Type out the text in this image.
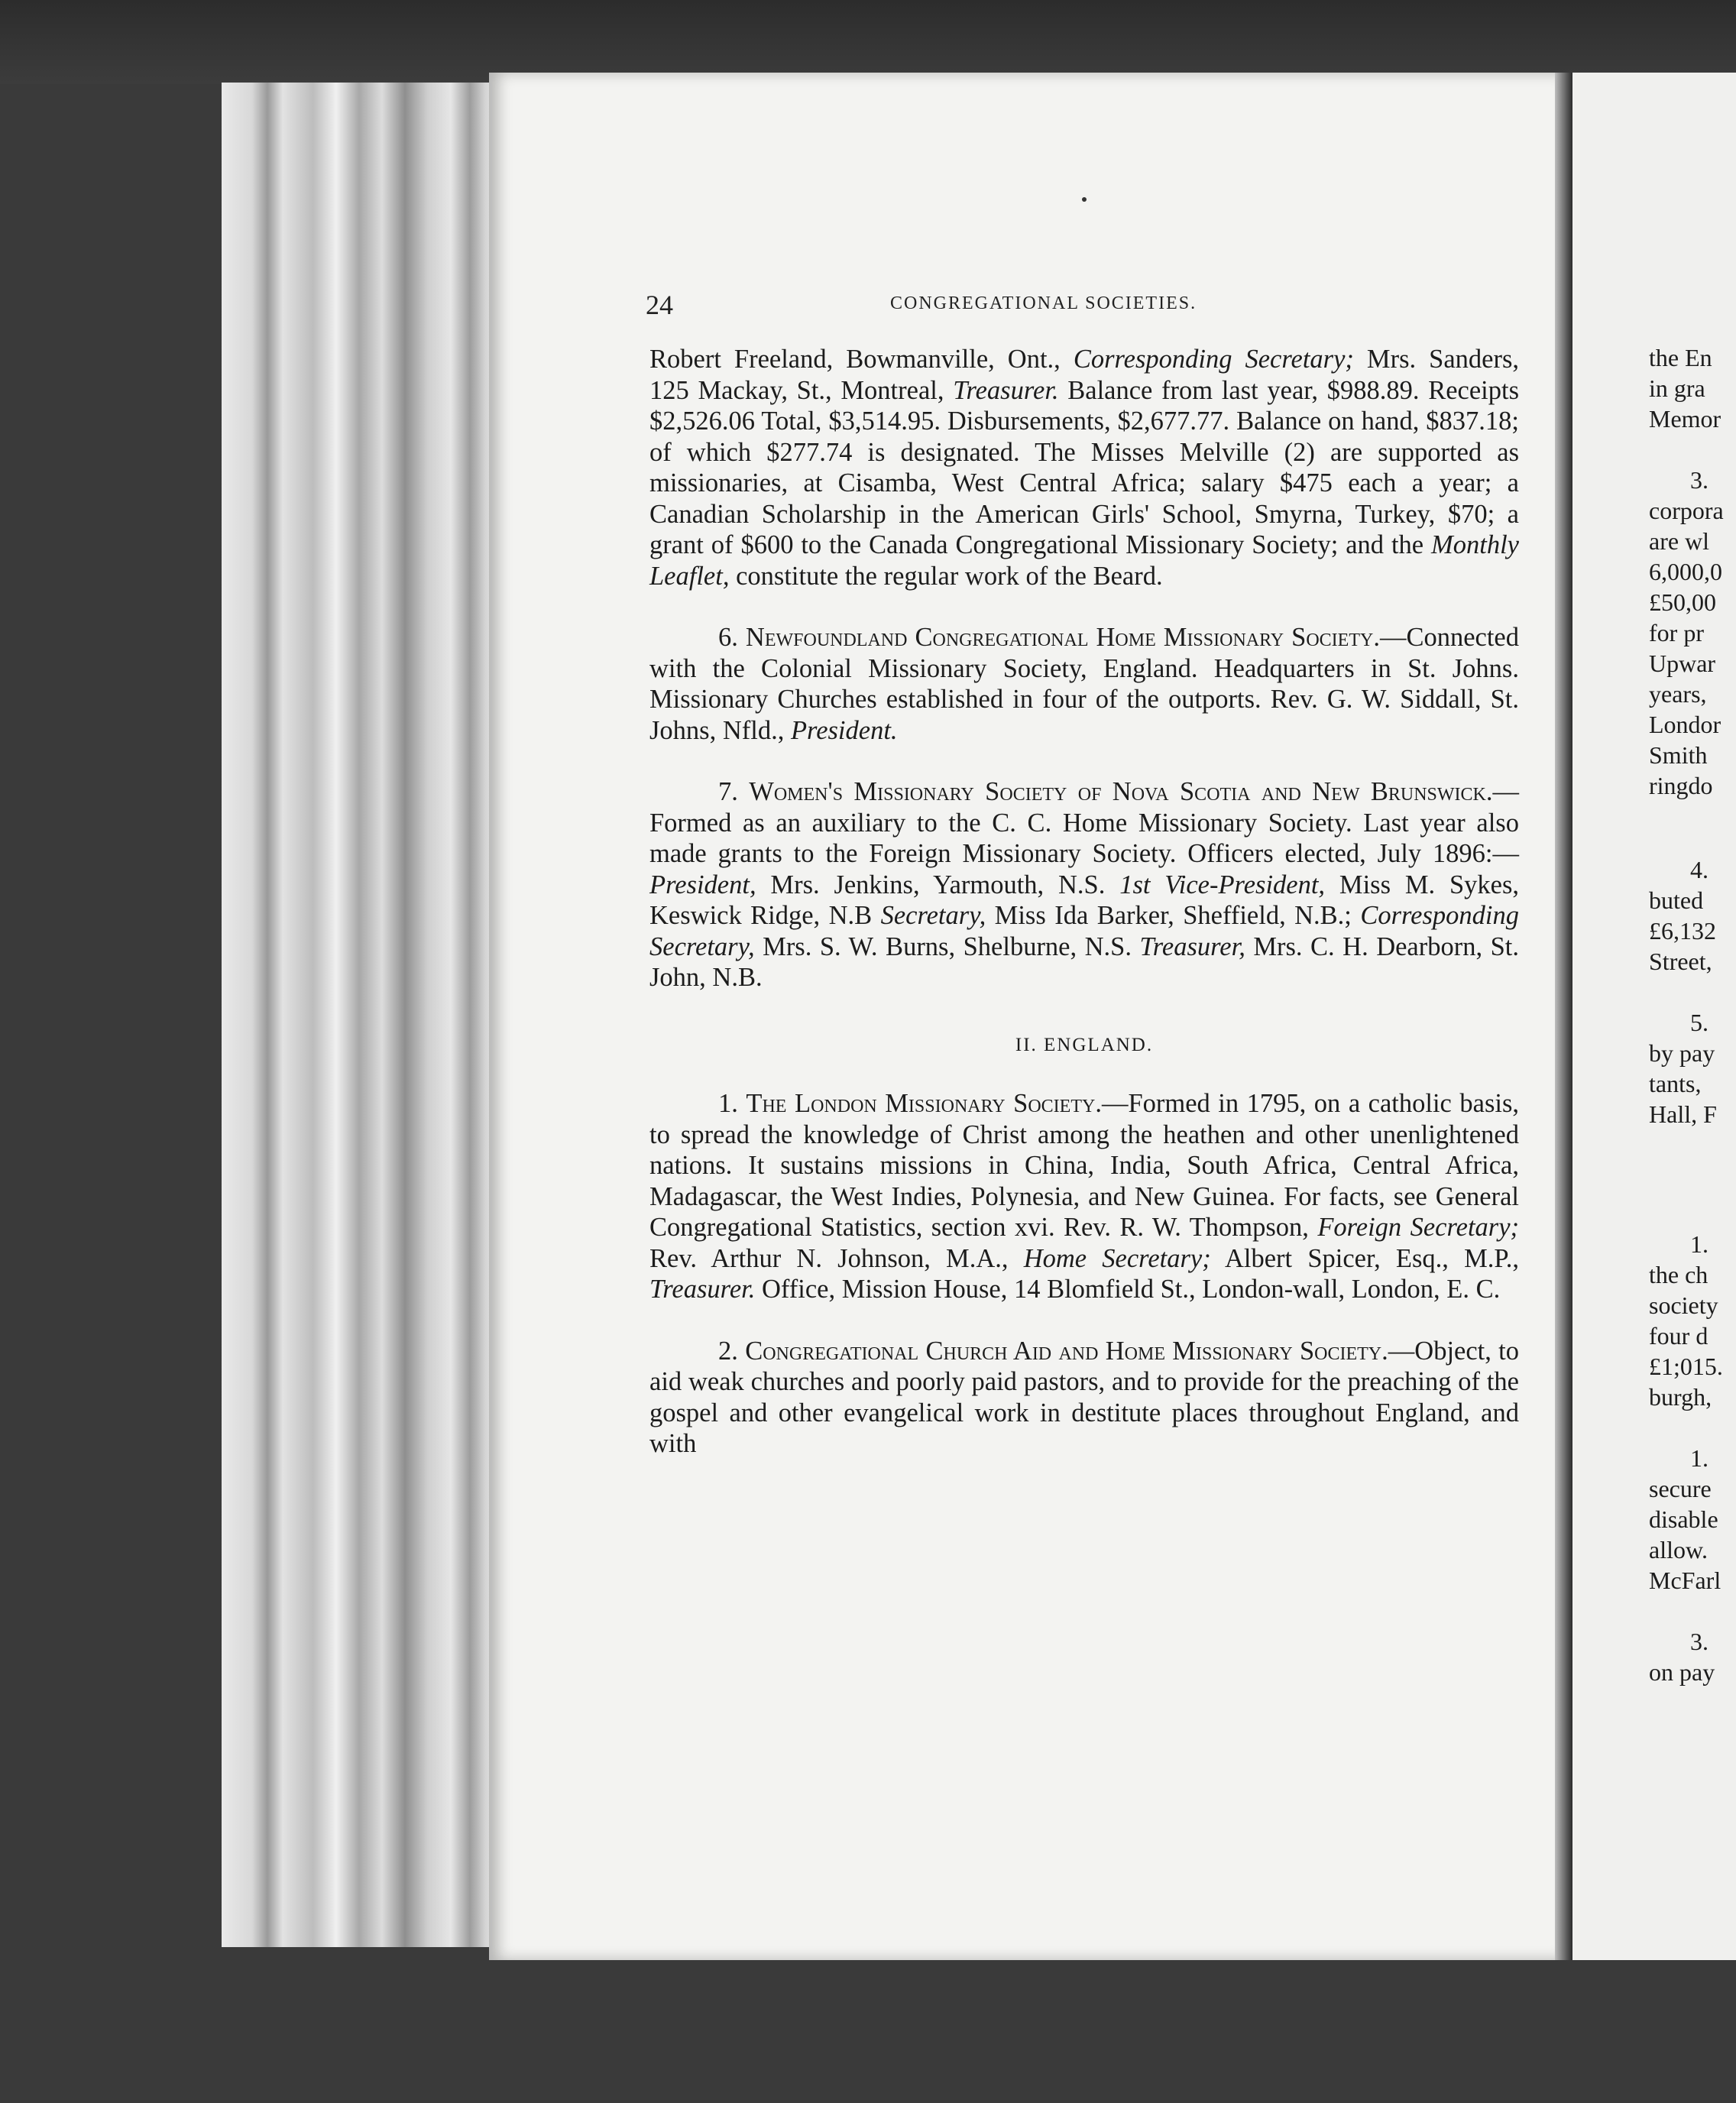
24	CONGREGATIONAL SOCIETIES.

Robert Freeland, Bowmanville, Ont., Corresponding Secretary; Mrs. Sanders, 125 Mackay, St., Montreal, Treasurer. Balance from last year, $988.89. Receipts $2,526.06 Total, $3,514.95. Disbursements, $2,677.77. Balance on hand, $837.18; of which $277.74 is designated. The Misses Melville (2) are supported as missionaries, at Cisamba, West Central Africa; salary $475 each a year; a Canadian Scholarship in the American Girls' School, Smyrna, Turkey, $70; a grant of $600 to the Canada Congregational Missionary Society; and the Monthly Leaflet, constitute the regular work of the Beard.

6. Newfoundland Congregational Home Missionary Society.—Connected with the Colonial Missionary Society, England. Headquarters in St. Johns. Missionary Churches established in four of the outports. Rev. G. W. Siddall, St. Johns, Nfld., President.

7. Women's Missionary Society of Nova Scotia and New Brunswick.—Formed as an auxiliary to the C. C. Home Missionary Society. Last year also made grants to the Foreign Missionary Society. Officers elected, July 1896:—President, Mrs. Jenkins, Yarmouth, N.S. 1st Vice-President, Miss M. Sykes, Keswick Ridge, N.B Secretary, Miss Ida Barker, Sheffield, N.B.; Corresponding Secretary, Mrs. S. W. Burns, Shelburne, N.S. Treasurer, Mrs. C. H. Dearborn, St. John, N.B.

II. ENGLAND.

1. The London Missionary Society.—Formed in 1795, on a catholic basis, to spread the knowledge of Christ among the heathen and other unenlightened nations. It sustains missions in China, India, South Africa, Central Africa, Madagascar, the West Indies, Polynesia, and New Guinea. For facts, see General Congregational Statistics, section xvi. Rev. R. W. Thompson, Foreign Secretary; Rev. Arthur N. Johnson, M.A., Home Secretary; Albert Spicer, Esq., M.P., Treasurer. Office, Mission House, 14 Blomfield St., London-wall, London, E. C.

2. Congregational Church Aid and Home Missionary Society.—Object, to aid weak churches and poorly paid pastors, and to provide for the preaching of the gospel and other evangelical work in destitute places throughout England, and with

the En
in gra
Memor
3.
corpora
are wl
6,000,0
£50,00
for pr
Upwar
years,
Londor
Smith
ringdo
4.
buted
£6,132
Street,
5.
by pay
tants,
Hall, F
1.
the ch
society
four d
£1;015.
burgh,
1.
secure
disable
allow.
McFarl
3.
on pay
